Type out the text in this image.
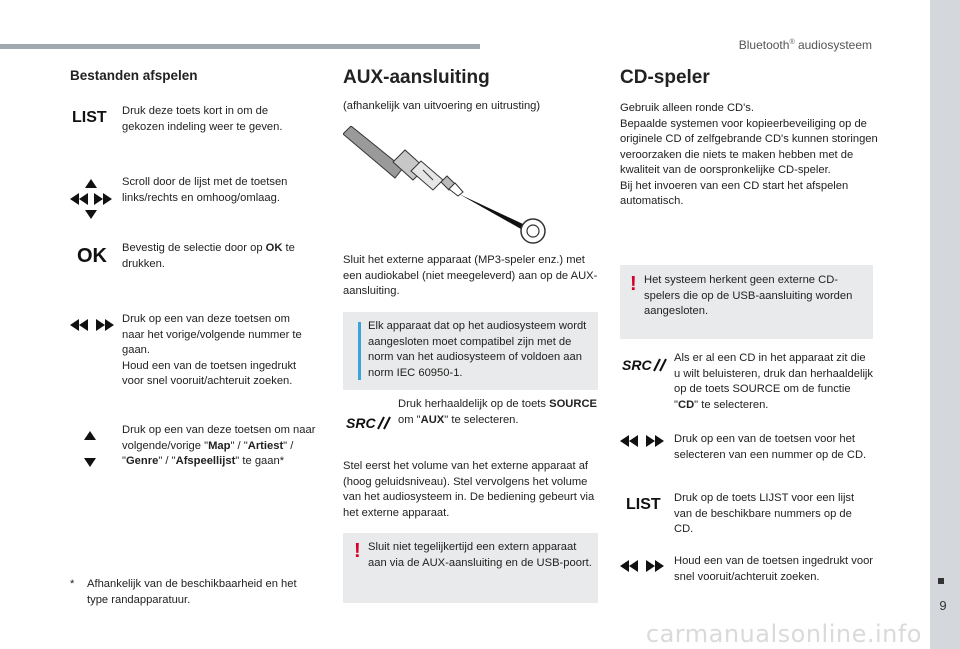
Bluetooth® audiosysteem
9
Bestanden afspelen
LIST Druk deze toets kort in om de gekozen indeling weer te geven.
Scroll door de lijst met de toetsen links/rechts en omhoog/omlaag.
OK Bevestig de selectie door op OK te drukken.
Druk op een van deze toetsen om naar het vorige/volgende nummer te gaan.
Houd een van de toetsen ingedrukt voor snel vooruit/achteruit zoeken.
Druk op een van deze toetsen om naar volgende/vorige "Map" / "Artiest" / "Genre" / "Afspeellijst" te gaan*
* Afhankelijk van de beschikbaarheid en het type randapparatuur.
AUX-aansluiting
(afhankelijk van uitvoering en uitrusting)
Sluit het externe apparaat (MP3-speler enz.) met een audiokabel (niet meegeleverd) aan op de AUX-aansluiting.
Elk apparaat dat op het audiosysteem wordt aangesloten moet compatibel zijn met de norm van het audiosysteem of voldoen aan norm IEC 60950-1.
SRC
Druk herhaaldelijk op de toets SOURCE om "AUX" te selecteren.
Stel eerst het volume van het externe apparaat af (hoog geluidsniveau). Stel vervolgens het volume van het audiosysteem in. De bediening gebeurt via het externe apparaat.
! Sluit niet tegelijkertijd een extern apparaat aan via de AUX-aansluiting en de USB-poort.
CD-speler
Gebruik alleen ronde CD's.
Bepaalde systemen voor kopieerbeveiliging op de originele CD of zelfgebrande CD's kunnen storingen veroorzaken die niets te maken hebben met de kwaliteit van de oorspronkelijke CD-speler.
Bij het invoeren van een CD start het afspelen automatisch.
! Het systeem herkent geen externe CD-spelers die op de USB-aansluiting worden aangesloten.
SRC	Als er al een CD in het apparaat zit die u wilt beluisteren, druk dan herhaaldelijk op de toets SOURCE om de functie "CD" te selecteren.
Druk op een van de toetsen voor het selecteren van een nummer op de CD.
LIST Druk op de toets LIJST voor een lijst van de beschikbare nummers op de CD.
Houd een van de toetsen ingedrukt voor snel vooruit/achteruit zoeken.
carmanualsonline.info
